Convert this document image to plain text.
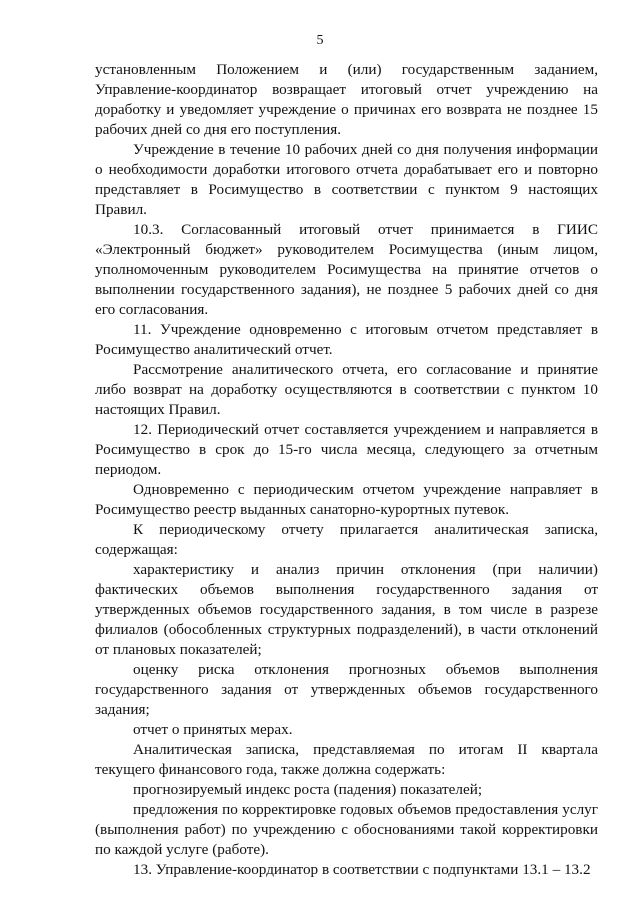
5

установленным Положением и (или) государственным заданием, Управление-координатор возвращает итоговый отчет учреждению на доработку и уведомляет учреждение о причинах его возврата не позднее 15 рабочих дней со дня его поступления.

Учреждение в течение 10 рабочих дней со дня получения информации о необходимости доработки итогового отчета дорабатывает его и повторно представляет в Росимущество в соответствии с пунктом 9 настоящих Правил.

10.3. Согласованный итоговый отчет принимается в ГИИС «Электронный бюджет» руководителем Росимущества (иным лицом, уполномоченным руководителем Росимущества на принятие отчетов о выполнении государственного задания), не позднее 5 рабочих дней со дня его согласования.

11. Учреждение одновременно с итоговым отчетом представляет в Росимущество аналитический отчет.

Рассмотрение аналитического отчета, его согласование и принятие либо возврат на доработку осуществляются в соответствии с пунктом 10 настоящих Правил.

12. Периодический отчет составляется учреждением и направляется в Росимущество в срок до 15-го числа месяца, следующего за отчетным периодом.

Одновременно с периодическим отчетом учреждение направляет в Росимущество реестр выданных санаторно-курортных путевок.

К периодическому отчету прилагается аналитическая записка, содержащая:

характеристику и анализ причин отклонения (при наличии) фактических объемов выполнения государственного задания от утвержденных объемов государственного задания, в том числе в разрезе филиалов (обособленных структурных подразделений), в части отклонений от плановых показателей;

оценку риска отклонения прогнозных объемов выполнения государственного задания от утвержденных объемов государственного задания;

отчет о принятых мерах.

Аналитическая записка, представляемая по итогам II квартала текущего финансового года, также должна содержать:

прогнозируемый индекс роста (падения) показателей;

предложения по корректировке годовых объемов предоставления услуг (выполнения работ) по учреждению с обоснованиями такой корректировки по каждой услуге (работе).

13. Управление-координатор в соответствии с подпунктами 13.1 – 13.2
